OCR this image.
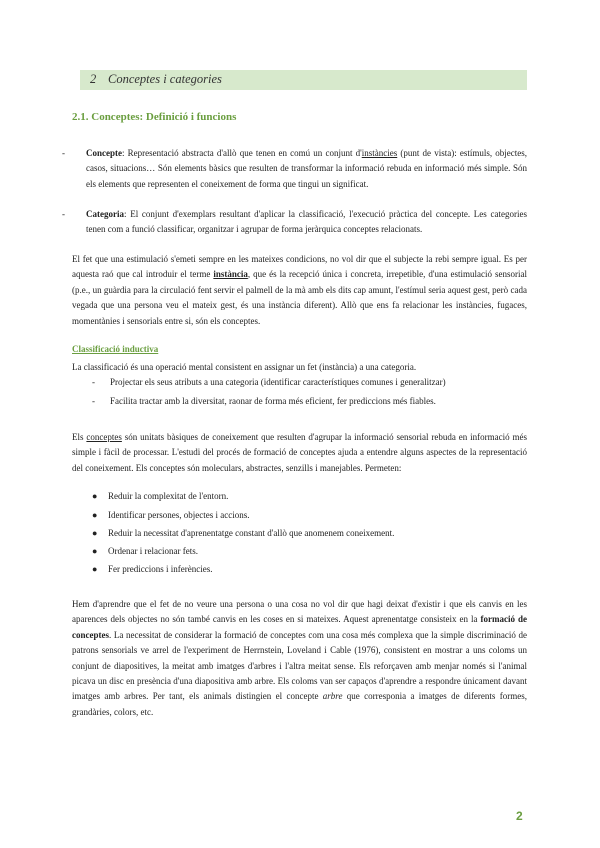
2 Conceptes i categories
2.1. Conceptes: Definició i funcions
- Concepte: Representació abstracta d'allò que tenen en comú un conjunt d'instàncies (punt de vista): estímuls, objectes, casos, situacions… Són elements bàsics que resulten de transformar la informació rebuda en informació més simple. Són els elements que representen el coneixement de forma que tingui un significat.
- Categoria: El conjunt d'exemplars resultant d'aplicar la classificació, l'execució pràctica del concepte. Les categories tenen com a funció classificar, organitzar i agrupar de forma jeràrquica conceptes relacionats.
El fet que una estimulació s'emeti sempre en les mateixes condicions, no vol dir que el subjecte la rebi sempre igual. Es per aquesta raó que cal introduir el terme instància, que és la recepció única i concreta, irrepetible, d'una estimulació sensorial (p.e., un guàrdia para la circulació fent servir el palmell de la mà amb els dits cap amunt, l'estímul seria aquest gest, però cada vegada que una persona veu el mateix gest, és una instància diferent). Allò que ens fa relacionar les instàncies, fugaces, momentànies i sensorials entre si, són els conceptes.
Classificació inductiva
La classificació és una operació mental consistent en assignar un fet (instància) a una categoria.
- Projectar els seus atributs a una categoria (identificar característiques comunes i generalitzar)
- Facilita tractar amb la diversitat, raonar de forma més eficient, fer prediccions més fiables.
Els conceptes són unitats bàsiques de coneixement que resulten d'agrupar la informació sensorial rebuda en informació més simple i fàcil de processar. L'estudi del procés de formació de conceptes ajuda a entendre alguns aspectes de la representació del coneixement. Els conceptes són moleculars, abstractes, senzills i manejables. Permeten:
● Reduir la complexitat de l'entorn.
● Identificar persones, objectes i accions.
● Reduir la necessitat d'aprenentatge constant d'allò que anomenem coneixement.
● Ordenar i relacionar fets.
● Fer prediccions i inferències.
Hem d'aprendre que el fet de no veure una persona o una cosa no vol dir que hagi deixat d'existir i que els canvis en les aparences dels objectes no són també canvis en les coses en si mateixes. Aquest aprenentatge consisteix en la formació de conceptes. La necessitat de considerar la formació de conceptes com una cosa més complexa que la simple discriminació de patrons sensorials ve arrel de l'experiment de Herrnstein, Loveland i Cable (1976), consistent en mostrar a uns coloms un conjunt de diapositives, la meitat amb imatges d'arbres i l'altra meitat sense. Els reforçaven amb menjar només si l'animal picava un disc en presència d'una diapositiva amb arbre. Els coloms van ser capaços d'aprendre a respondre únicament davant imatges amb arbres. Per tant, els animals distingien el concepte arbre que corresponia a imatges de diferents formes, grandàries, colors, etc.
2
